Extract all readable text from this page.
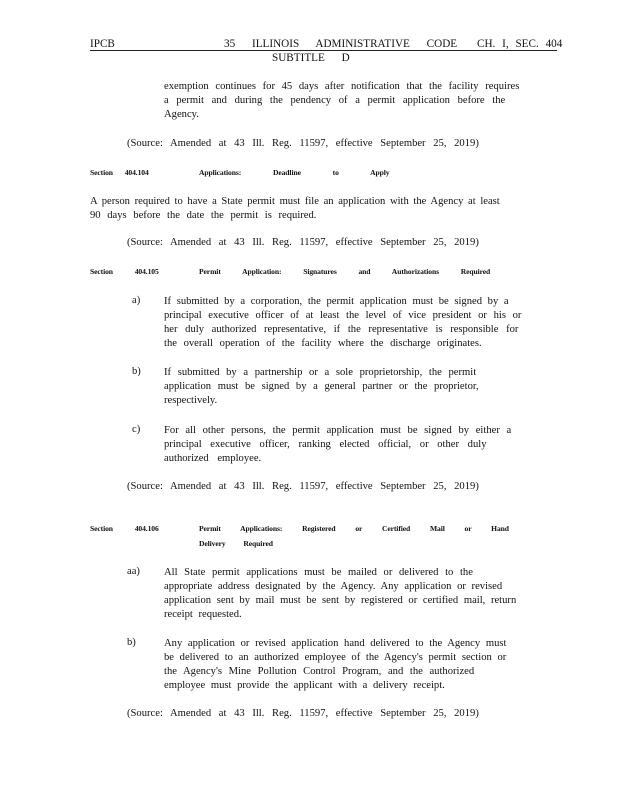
IPCB	35 ILLINOIS ADMINISTRATIVE CODE CH. I, SEC. 404
SUBTITLE D
exemption continues for 45 days after notification that the facility requires
a permit and during the pendency of a permit application before the
Agency.
(Source: Amended at 43 Ill. Reg. 11597, effective September 25, 2019)
Section 404.104	Applications: Deadline to Apply
A person required to have a State permit must file an application with the Agency at least
90 days before the date the permit is required.
(Source: Amended at 43 Ill. Reg. 11597, effective September 25, 2019)
Section 404.105	Permit Application: Signatures and Authorizations Required
a) If submitted by a corporation, the permit application must be signed by a
principal executive officer of at least the level of vice president or his or
her duly authorized representative, if the representative is responsible for
the overall operation of the facility where the discharge originates.
b) If submitted by a partnership or a sole proprietorship, the permit
application must be signed by a general partner or the proprietor,
respectively.
c) For all other persons, the permit application must be signed by either a
principal executive officer, ranking elected official, or other duly
authorized employee.
(Source: Amended at 43 Ill. Reg. 11597, effective September 25, 2019)
Section 404.106	Permit Applications: Registered or Certified Mail or Hand
Delivery Required
aa) All State permit applications must be mailed or delivered to the
appropriate address designated by the Agency. Any application or revised
application sent by mail must be sent by registered or certified mail, return
receipt requested.
b)	Any application or revised application hand delivered to the Agency must
be delivered to an authorized employee of the Agency's permit section or
the Agency's Mine Pollution Control Program, and the authorized
employee must provide the applicant with a delivery receipt.
(Source: Amended at 43 Ill. Reg. 11597, effective September 25, 2019)
